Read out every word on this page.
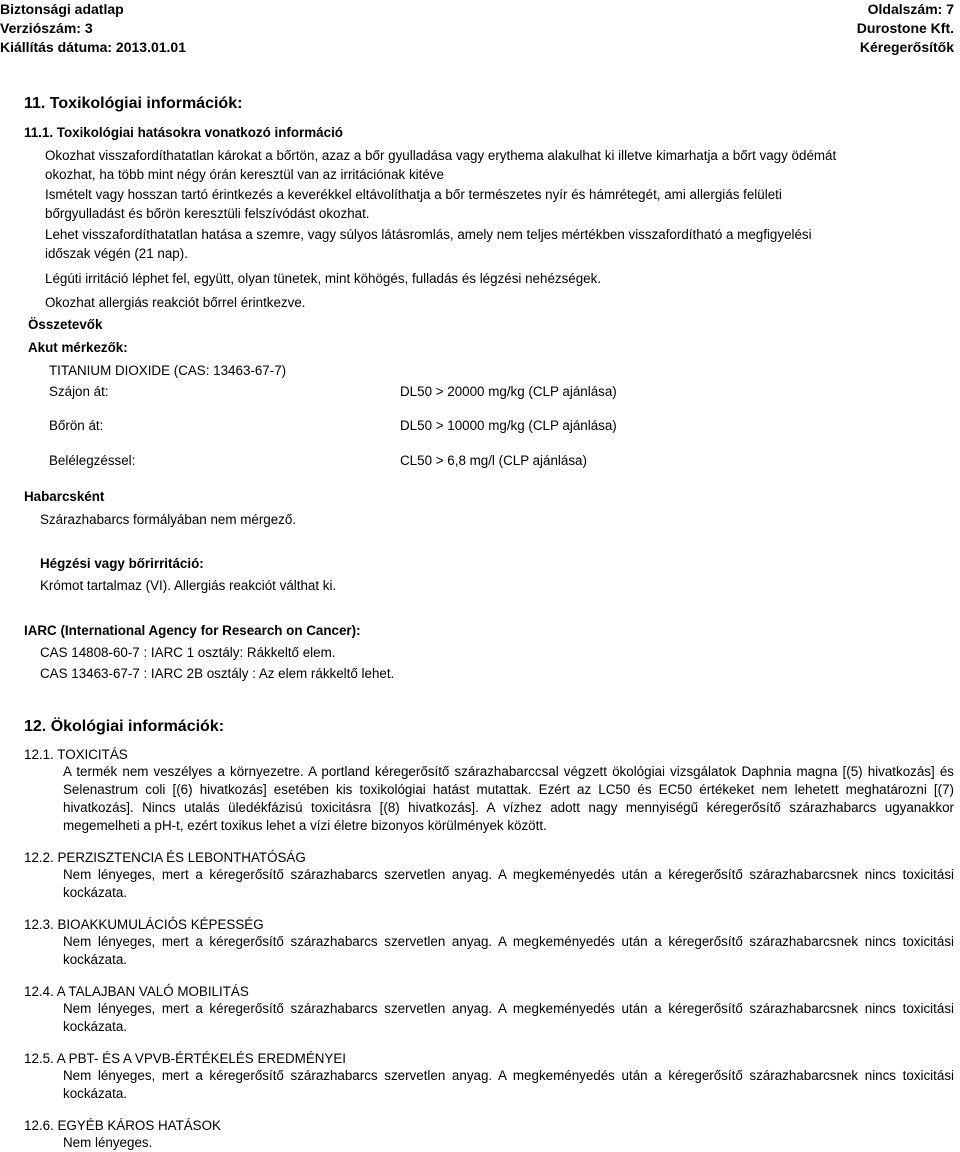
Biztonsági adatlap
Verziószám: 3
Kiállítás dátuma: 2013.01.01
Oldalszám: 7
Durostone Kft.
Kéregerősítők
11. Toxikológiai információk:
11.1. Toxikológiai hatásokra vonatkozó információ
Okozhat visszafordíthatatlan károkat a bőrtön, azaz a bőr gyulladása vagy erythema alakulhat ki illetve kimarhatja a bőrt vagy ödémát
okozhat, ha több mint négy órán keresztül van az irritációnak kitéve
Ismételt vagy hosszan tartó érintkezés a keverékkel eltávolíthatja a bőr természetes nyír és hámrétegét, ami allergiás felületi
bőrgyulladást és bőrön keresztüli felszívódást okozhat.
Lehet visszafordíthatatlan hatása a szemre, vagy súlyos látásromlás, amely nem teljes mértékben visszafordítható a megfigyelési
időszak végén (21 nap).
Légúti irritáció léphet fel, együtt, olyan tünetek, mint köhögés, fulladás és légzési nehézségek.
Okozhat allergiás reakciót bőrrel érintkezve.
Összetevők
Akut mérkezők:
TITANIUM DIOXIDE (CAS: 13463-67-7)
Szájon át:	DL50 > 20000 mg/kg (CLP ajánlása)
Bőrön át:	DL50 > 10000 mg/kg (CLP ajánlása)
Belélegzéssel:	CL50 > 6,8 mg/l (CLP ajánlása)
Habarcsként
Szárazhabarcs formályában nem mérgező.
Hégzési vagy bőrirritáció:
Krómot tartalmaz (VI). Allergiás reakciót válthat ki.
IARC (International Agency for Research on Cancer):
CAS 14808-60-7 : IARC 1 osztály: Rákkeltő elem.
CAS 13463-67-7 : IARC 2B osztály : Az elem rákkeltő lehet.
12. Ökológiai információk:
12.1. TOXICITÁS
A termék nem veszélyes a környezetre. A portland kéregerősítő szárazhabarccsal végzett ökológiai vizsgálatok Daphnia magna [(5) hivatkozás] és Selenastrum coli [(6) hivatkozás] esetében kis toxikológiai hatást mutattak. Ezért az LC50 és EC50 értékeket nem lehetett meghatározni [(7) hivatkozás]. Nincs utalás üledékfázisú toxicitásra [(8) hivatkozás]. A vízhez adott nagy mennyiségű kéregerősítő szárazhabarcs ugyanakkor megemelheti a pH-t, ezért toxikus lehet a vízi életre bizonyos körülmények között.
12.2. PERZISZTENCIA ÉS LEBONTHATÓSÁG
Nem lényeges, mert a kéregerősítő szárazhabarcs szervetlen anyag. A megkeményedés után a kéregerősítő szárazhabarcsnek nincs toxicitási kockázata.
12.3. BIOAKKUMULÁCIÓS KÉPESSÉG
Nem lényeges, mert a kéregerősítő szárazhabarcs szervetlen anyag. A megkeményedés után a kéregerősítő szárazhabarcsnek nincs toxicitási kockázata.
12.4. A TALAJBAN VALÓ MOBILITÁS
Nem lényeges, mert a kéregerősítő szárazhabarcs szervetlen anyag. A megkeményedés után a kéregerősítő szárazhabarcsnek nincs toxicitási kockázata.
12.5. A PBT- ÉS A VPVB-ÉRTÉKELÉS EREDMÉNYEI
Nem lényeges, mert a kéregerősítő szárazhabarcs szervetlen anyag. A megkeményedés után a kéregerősítő szárazhabarcsnek nincs toxicitási kockázata.
12.6. EGYÉB KÁROS HATÁSOK
Nem lényeges.
